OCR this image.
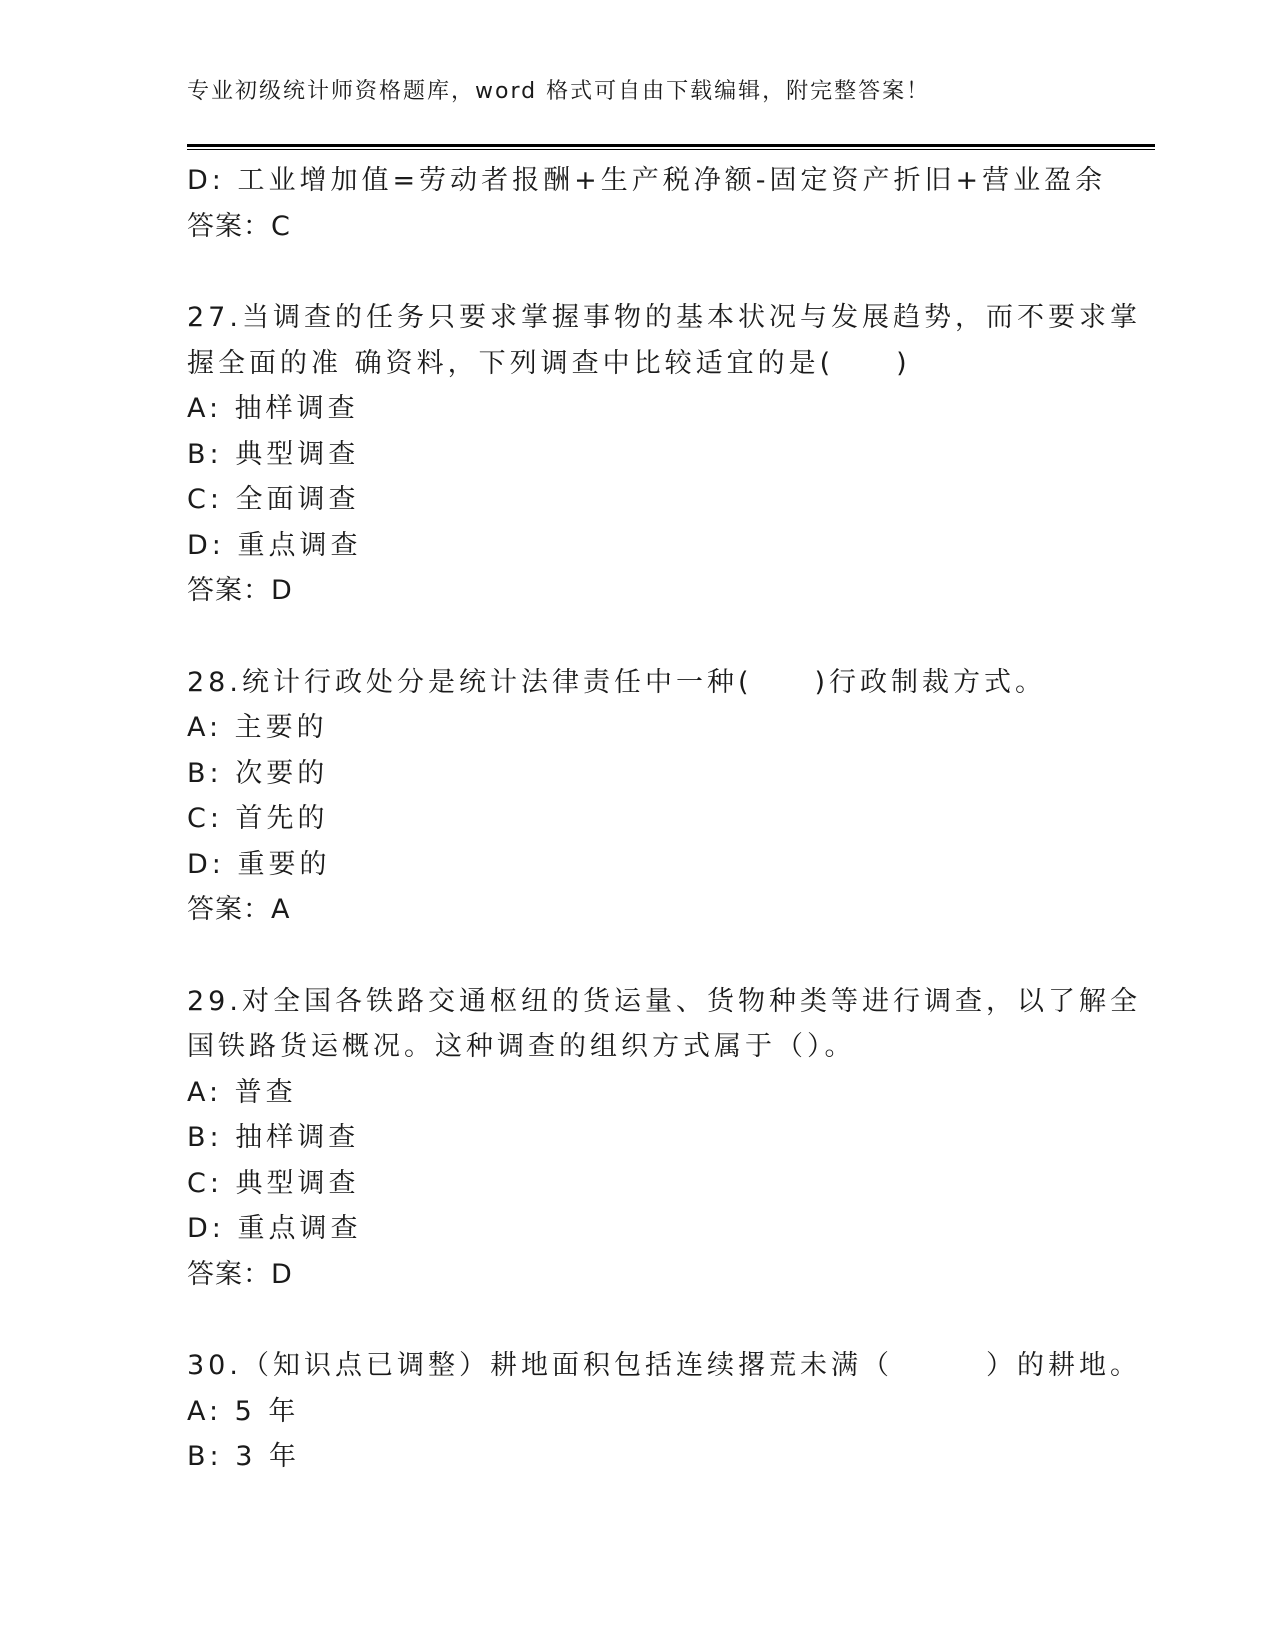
专业初级统计师资格题库，word 格式可自由下载编辑，附完整答案！
D: 工业增加值=劳动者报酬+生产税净额-固定资产折旧+营业盈余
答案：C
27.当调查的任务只要求掌握事物的基本状况与发展趋势，而不要求掌
握全面的准 确资料，下列调查中比较适宜的是(　　)
A: 抽样调查
B: 典型调查
C: 全面调查
D: 重点调查
答案：D
28.统计行政处分是统计法律责任中一种(　　)行政制裁方式。
A: 主要的
B: 次要的
C: 首先的
D: 重要的
答案：A
29.对全国各铁路交通枢纽的货运量、货物种类等进行调查，以了解全
国铁路货运概况。这种调查的组织方式属于（）。
A: 普查
B: 抽样调查
C: 典型调查
D: 重点调查
答案：D
30.（知识点已调整）耕地面积包括连续撂荒未满（　　　）的耕地。
A: 5 年
B: 3 年
